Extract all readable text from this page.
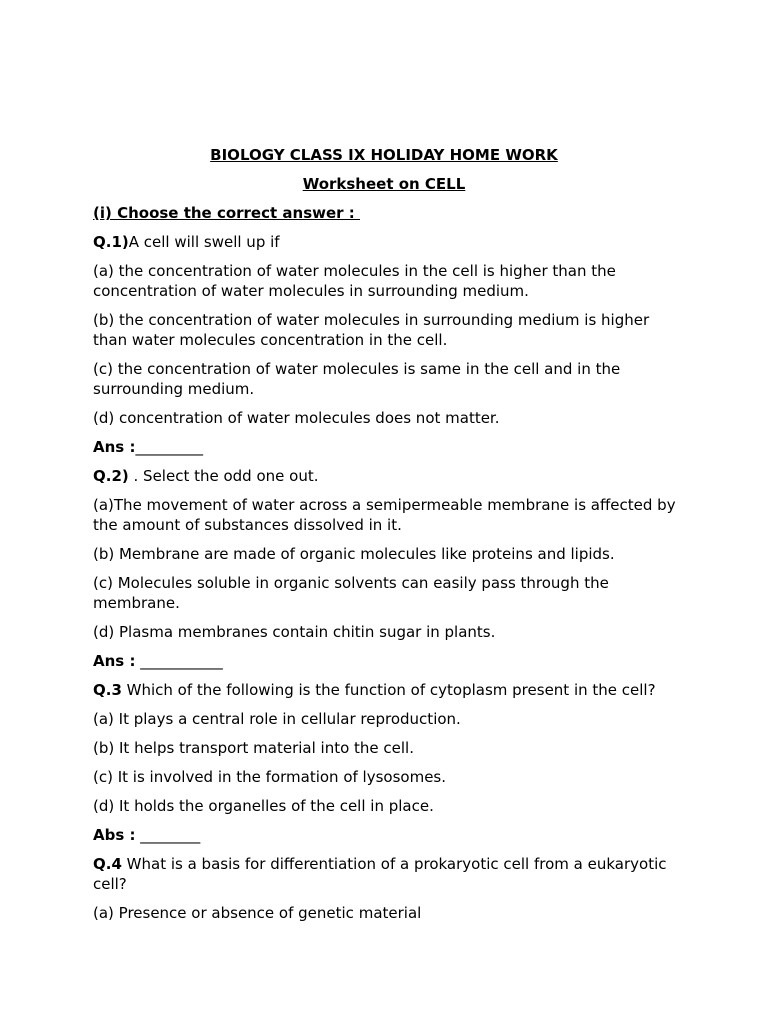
BIOLOGY CLASS IX HOLIDAY HOME WORK
Worksheet on CELL
(i) Choose the correct answer :

Q.1)A cell will swell up if

(a) the concentration of water molecules in the cell is higher than the concentration of water molecules in surrounding medium.

(b) the concentration of water molecules in surrounding medium is higher than water molecules concentration in the cell.

(c) the concentration of water molecules is same in the cell and in the surrounding medium.

(d) concentration of water molecules does not matter.

Ans :_________

Q.2) . Select the odd one out.

(a)The movement of water across a semipermeable membrane is affected by the amount of substances dissolved in it.

(b) Membrane are made of organic molecules like proteins and lipids.

(c) Molecules soluble in organic solvents can easily pass through the membrane.

(d) Plasma membranes contain chitin sugar in plants.

Ans : ___________

Q.3 Which of the following is the function of cytoplasm present in the cell?

(a) It plays a central role in cellular reproduction.

(b) It helps transport material into the cell.

(c) It is involved in the formation of lysosomes.

(d) It holds the organelles of the cell in place.

Abs : ________

Q.4 What is a basis for differentiation of a prokaryotic cell from a eukaryotic cell?

(a) Presence or absence of genetic material
